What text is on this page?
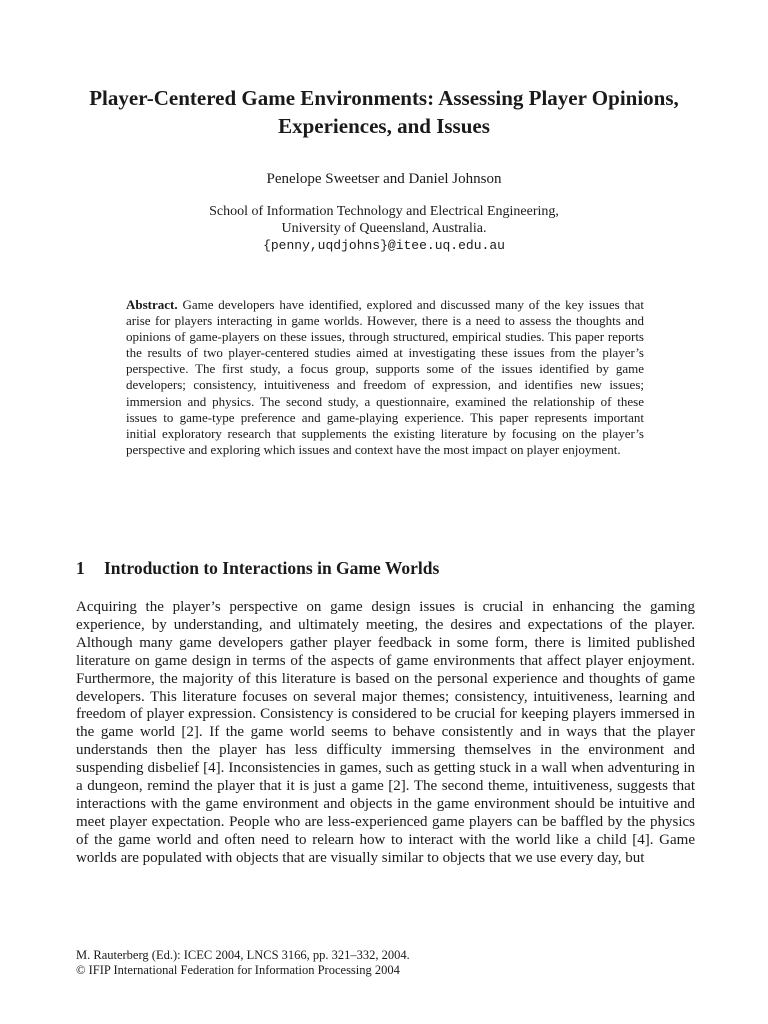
Player-Centered Game Environments: Assessing Player Opinions, Experiences, and Issues
Penelope Sweetser and Daniel Johnson
School of Information Technology and Electrical Engineering,
University of Queensland, Australia.
{penny,uqdjohns}@itee.uq.edu.au
Abstract. Game developers have identified, explored and discussed many of the key issues that arise for players interacting in game worlds. However, there is a need to assess the thoughts and opinions of game-players on these issues, through structured, empirical studies. This paper reports the results of two player-centered studies aimed at investigating these issues from the player’s perspective. The first study, a focus group, supports some of the issues identified by game developers; consistency, intuitiveness and freedom of expression, and identifies new issues; immersion and physics. The second study, a questionnaire, examined the relationship of these issues to game-type preference and game-playing experience. This paper represents important initial exploratory research that supplements the existing literature by focusing on the player’s perspective and exploring which issues and context have the most impact on player enjoyment.
1 Introduction to Interactions in Game Worlds
Acquiring the player’s perspective on game design issues is crucial in enhancing the gaming experience, by understanding, and ultimately meeting, the desires and expectations of the player. Although many game developers gather player feedback in some form, there is limited published literature on game design in terms of the aspects of game environments that affect player enjoyment. Furthermore, the majority of this literature is based on the personal experience and thoughts of game developers. This literature focuses on several major themes; consistency, intuitiveness, learning and freedom of player expression. Consistency is considered to be crucial for keeping players immersed in the game world [2]. If the game world seems to behave consistently and in ways that the player understands then the player has less difficulty immersing themselves in the environment and suspending disbelief [4]. Inconsistencies in games, such as getting stuck in a wall when adventuring in a dungeon, remind the player that it is just a game [2]. The second theme, intuitiveness, suggests that interactions with the game environment and objects in the game environment should be intuitive and meet player expectation. People who are less-experienced game players can be baffled by the physics of the game world and often need to relearn how to interact with the world like a child [4]. Game worlds are populated with objects that are visually similar to objects that we use every day, but
M. Rauterberg (Ed.): ICEC 2004, LNCS 3166, pp. 321–332, 2004.
© IFIP International Federation for Information Processing 2004
